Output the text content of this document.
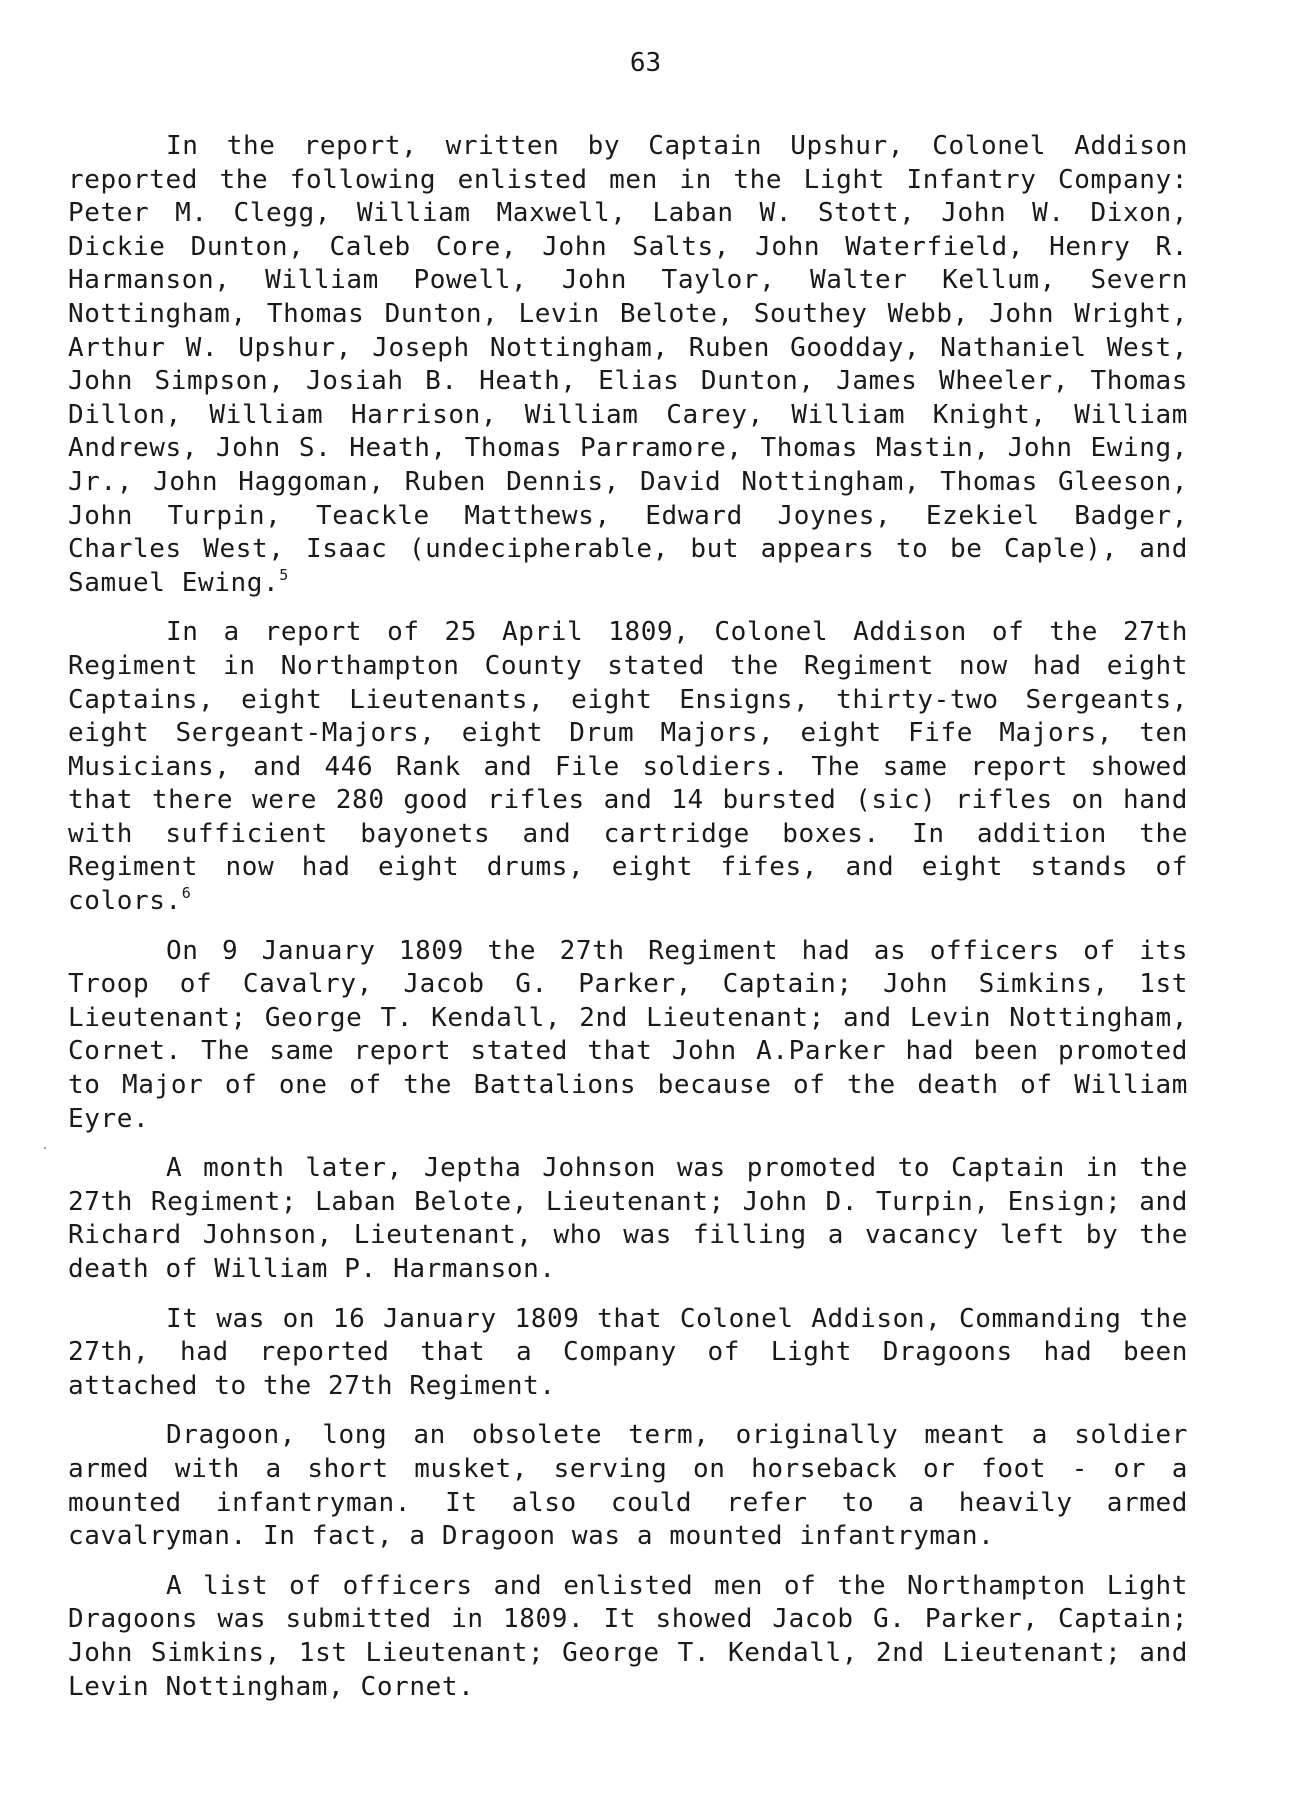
63

In the report, written by Captain Upshur, Colonel Addison reported the following enlisted men in the Light Infantry Company: Peter M. Clegg, William Maxwell, Laban W. Stott, John W. Dixon, Dickie Dunton, Caleb Core, John Salts, John Waterfield, Henry R. Harmanson, William Powell, John Taylor, Walter Kellum, Severn Nottingham, Thomas Dunton, Levin Belote, Southey Webb, John Wright, Arthur W. Upshur, Joseph Nottingham, Ruben Goodday, Nathaniel West, John Simpson, Josiah B. Heath, Elias Dunton, James Wheeler, Thomas Dillon, William Harrison, William Carey, William Knight, William Andrews, John S. Heath, Thomas Parramore, Thomas Mastin, John Ewing, Jr., John Haggoman, Ruben Dennis, David Nottingham, Thomas Gleeson, John Turpin, Teackle Matthews, Edward Joynes, Ezekiel Badger, Charles West, Isaac (undecipherable, but appears to be Caple), and Samuel Ewing.$^5$

In a report of 25 April 1809, Colonel Addison of the 27th Regiment in Northampton County stated the Regiment now had eight Captains, eight Lieutenants, eight Ensigns, thirty-two Sergeants, eight Sergeant-Majors, eight Drum Majors, eight Fife Majors, ten Musicians, and 446 Rank and File soldiers. The same report showed that there were 280 good rifles and 14 bursted (sic) rifles on hand with sufficient bayonets and cartridge boxes. In addition the Regiment now had eight drums, eight fifes, and eight stands of colors.$^6$

On 9 January 1809 the 27th Regiment had as officers of its Troop of Cavalry, Jacob G. Parker, Captain; John Simkins, 1st Lieutenant; George T. Kendall, 2nd Lieutenant; and Levin Nottingham, Cornet. The same report stated that John A.Parker had been promoted to Major of one of the Battalions because of the death of William Eyre.

A month later, Jeptha Johnson was promoted to Captain in the 27th Regiment; Laban Belote, Lieutenant; John D. Turpin, Ensign; and Richard Johnson, Lieutenant, who was filling a vacancy left by the death of William P. Harmanson.

It was on 16 January 1809 that Colonel Addison, Commanding the 27th, had reported that a Company of Light Dragoons had been attached to the 27th Regiment.

Dragoon, long an obsolete term, originally meant a soldier armed with a short musket, serving on horseback or foot - or a mounted infantryman. It also could refer to a heavily armed cavalryman. In fact, a Dragoon was a mounted infantryman.

A list of officers and enlisted men of the Northampton Light Dragoons was submitted in 1809. It showed Jacob G. Parker, Captain; John Simkins, 1st Lieutenant; George T. Kendall, 2nd Lieutenant; and Levin Nottingham, Cornet.
